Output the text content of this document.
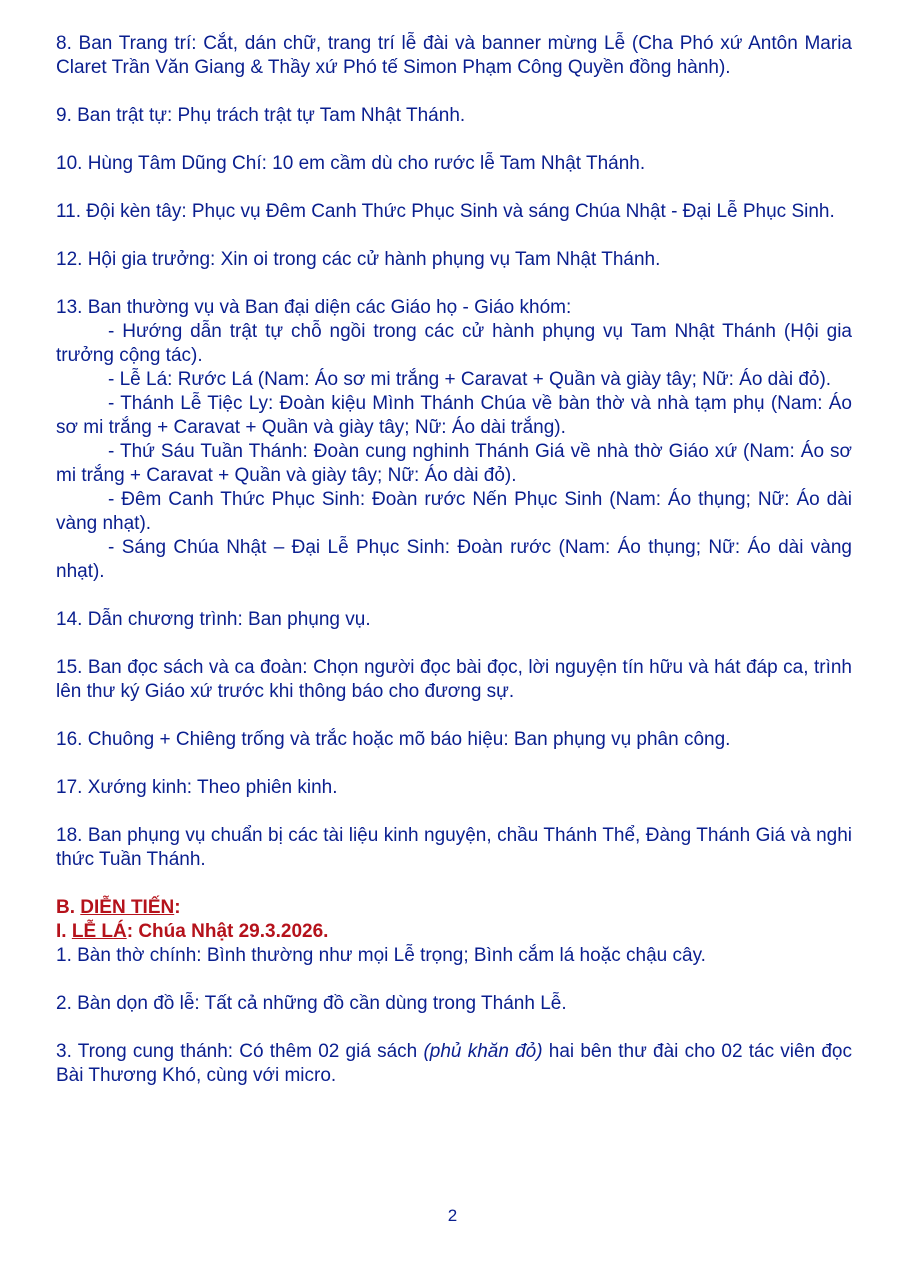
8. Ban Trang trí: Cắt, dán chữ, trang trí lễ đài và banner mừng Lễ (Cha Phó xứ Antôn Maria Claret Trần Văn Giang & Thầy xứ Phó tế Simon Phạm Công Quyền đồng hành).

9. Ban trật tự: Phụ trách trật tự Tam Nhật Thánh.

10. Hùng Tâm Dũng Chí: 10 em cầm dù cho rước lễ Tam Nhật Thánh.

11. Đội kèn tây: Phục vụ Đêm Canh Thức Phục Sinh và sáng Chúa Nhật - Đại Lễ Phục Sinh.

12. Hội gia trưởng: Xin oi trong các cử hành phụng vụ Tam Nhật Thánh.

13. Ban thường vụ và Ban đại diện các Giáo họ - Giáo khóm:

- Hướng dẫn trật tự chỗ ngồi trong các cử hành phụng vụ Tam Nhật Thánh (Hội gia trưởng cộng tác).

- Lễ Lá: Rước Lá (Nam: Áo sơ mi trắng + Caravat + Quần và giày tây; Nữ: Áo dài đỏ).

- Thánh Lễ Tiệc Ly: Đoàn kiệu Mình Thánh Chúa về bàn thờ và nhà tạm phụ (Nam: Áo sơ mi trắng + Caravat + Quần và giày tây; Nữ: Áo dài trắng).

- Thứ Sáu Tuần Thánh: Đoàn cung nghinh Thánh Giá về nhà thờ Giáo xứ (Nam: Áo sơ mi trắng + Caravat + Quần và giày tây; Nữ: Áo dài đỏ).

- Đêm Canh Thức Phục Sinh: Đoàn rước Nến Phục Sinh (Nam: Áo thụng; Nữ: Áo dài vàng nhạt).

- Sáng Chúa Nhật – Đại Lễ Phục Sinh: Đoàn rước (Nam: Áo thụng; Nữ: Áo dài vàng nhạt).

14. Dẫn chương trình: Ban phụng vụ.

15. Ban đọc sách và ca đoàn: Chọn người đọc bài đọc, lời nguyện tín hữu và hát đáp ca, trình lên thư ký Giáo xứ trước khi thông báo cho đương sự.

16. Chuông + Chiêng trống và trắc hoặc mõ báo hiệu: Ban phụng vụ phân công.

17. Xướng kinh: Theo phiên kinh.

18. Ban phụng vụ chuẩn bị các tài liệu kinh nguyện, chầu Thánh Thể, Đàng Thánh Giá và nghi thức Tuần Thánh.

B. DIỄN TIẾN:

I. LỄ LÁ: Chúa Nhật 29.3.2026.

1. Bàn thờ chính: Bình thường như mọi Lễ trọng; Bình cắm lá hoặc chậu cây.

2. Bàn dọn đồ lễ: Tất cả những đồ cần dùng trong Thánh Lễ.

3. Trong cung thánh: Có thêm 02 giá sách (phủ khăn đỏ) hai bên thư đài cho 02 tác viên đọc Bài Thương Khó, cùng với micro.

2
